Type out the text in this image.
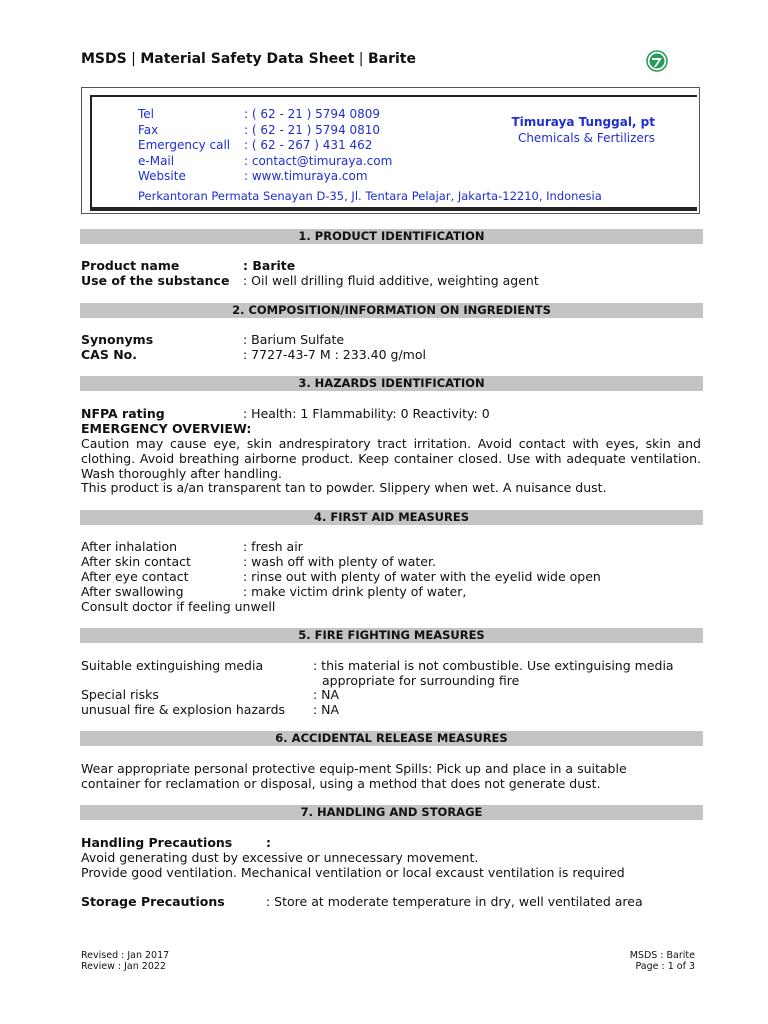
MSDS | Material Safety Data Sheet | Barite
Tel	: ( 62 - 21 ) 5794 0809
Fax	: ( 62 - 21 ) 5794 0810
Emergency call : ( 62 - 267 ) 431 462
e-Mail	: contact@timuraya.com
Website	: www.timuraya.com
Timuraya Tunggal, pt
Chemicals & Fertilizers
Perkantoran Permata Senayan D-35, Jl. Tentara Pelajar, Jakarta-12210, Indonesia
1. PRODUCT IDENTIFICATION
Product name	: Barite
Use of the substance : Oil well drilling fluid additive, weighting agent
2. COMPOSITION/INFORMATION ON INGREDIENTS
Synonyms	: Barium Sulfate
CAS No.	: 7727-43-7 M : 233.40 g/mol
3. HAZARDS IDENTIFICATION
NFPA rating	: Health: 1 Flammability: 0 Reactivity: 0
EMERGENCY OVERVIEW:
Caution may cause eye, skin andrespiratory tract irritation. Avoid contact with eyes, skin and clothing. Avoid breathing airborne product. Keep container closed. Use with adequate ventilation. Wash thoroughly after handling.
This product is a/an transparent tan to powder. Slippery when wet. A nuisance dust.
4. FIRST AID MEASURES
After inhalation	: fresh air
After skin contact	: wash off with plenty of water.
After eye contact	: rinse out with plenty of water with the eyelid wide open
After swallowing	: make victim drink plenty of water,
Consult doctor if feeling unwell
5. FIRE FIGHTING MEASURES
Suitable extinguishing media	: this material is not combustible. Use extinguising media
appropriate for surrounding fire
Special risks	: NA
unusual fire & explosion hazards : NA
6. ACCIDENTAL RELEASE MEASURES
Wear appropriate personal protective equip-ment Spills: Pick up and place in a suitable
container for reclamation or disposal, using a method that does not generate dust.
7. HANDLING AND STORAGE
Handling Precautions	:
Avoid generating dust by excessive or unnecessary movement.
Provide good ventilation. Mechanical ventilation or local excaust ventilation is required
Storage Precautions	: Store at moderate temperature in dry, well ventilated area
Revised : Jan 2017
Review : Jan 2022
MSDS : Barite
Page : 1 of 3
